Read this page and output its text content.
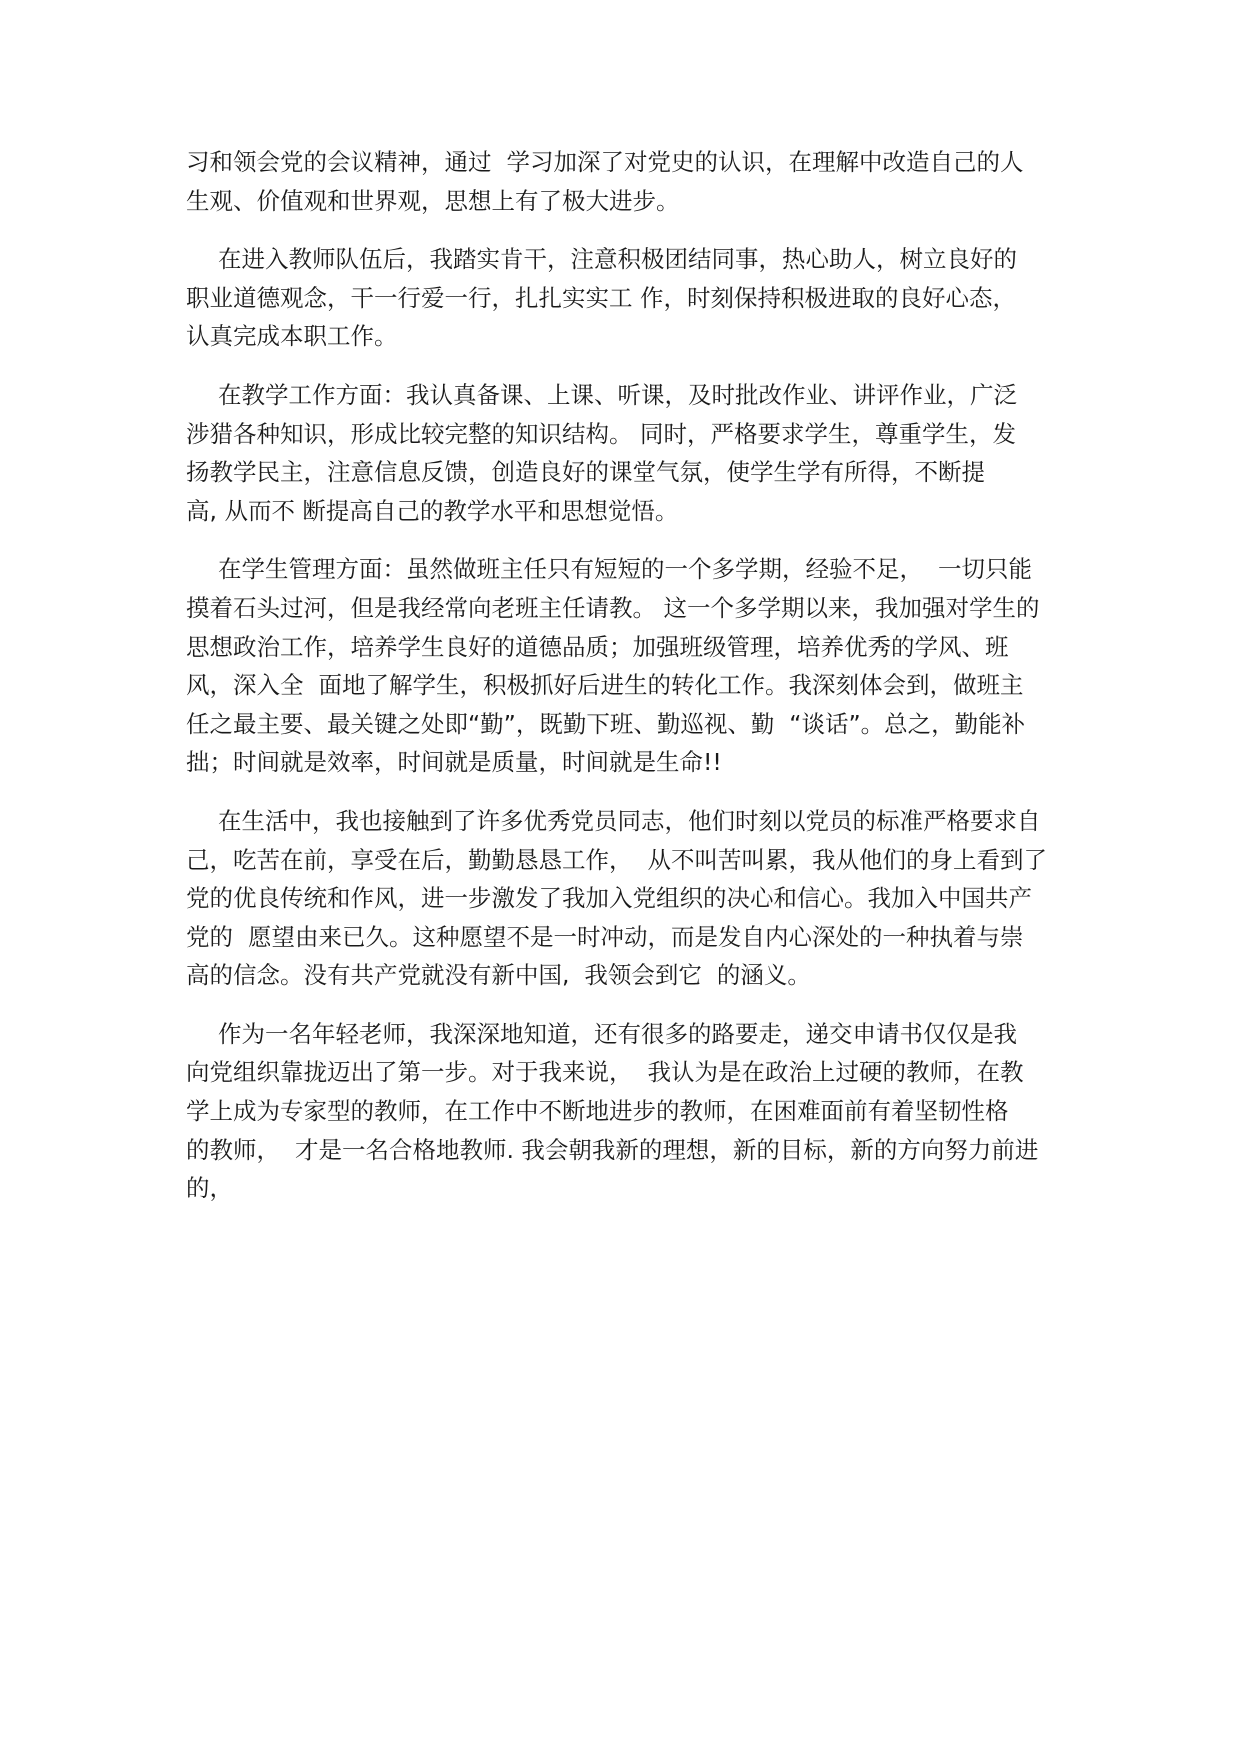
习和领会党的会议精神，通过  学习加深了对党史的认识，在理解中改造自己的人
生观、价值观和世界观，思想上有了极大进步。
在进入教师队伍后，我踏实肯干，注意积极团结同事，热心助人，树立良好的
职业道德观念，干一行爱一行，扎扎实实工 作，时刻保持积极进取的良好心态，
认真完成本职工作。
在教学工作方面：我认真备课、上课、听课，及时批改作业、讲评作业，广泛
涉猎各种知识，形成比较完整的知识结构。 同时，严格要求学生，尊重学生，发
扬教学民主，注意信息反馈，创造良好的课堂气氛，使学生学有所得，不断提
高, 从而不 断提高自己的教学水平和思想觉悟。
在学生管理方面：虽然做班主任只有短短的一个多学期，经验不足，  一切只能
摸着石头过河，但是我经常向老班主任请教。 这一个多学期以来，我加强对学生的
思想政治工作，培养学生良好的道德品质；加强班级管理，培养优秀的学风、班
风，深入全  面地了解学生，积极抓好后进生的转化工作。我深刻体会到，做班主
任之最主要、最关键之处即“勤”，既勤下班、勤巡视、勤  “谈话”。总之，勤能补
拙；时间就是效率，时间就是质量，时间就是生命!!
在生活中，我也接触到了许多优秀党员同志，他们时刻以党员的标准严格要求自
己，吃苦在前，享受在后，勤勤恳恳工作，  从不叫苦叫累，我从他们的身上看到了
党的优良传统和作风，进一步激发了我加入党组织的决心和信心。我加入中国共产
党的  愿望由来已久。这种愿望不是一时冲动，而是发自内心深处的一种执着与崇
高的信念。没有共产党就没有新中国,  我领会到它  的涵义。
作为一名年轻老师，我深深地知道，还有很多的路要走，递交申请书仅仅是我
向党组织靠拢迈出了第一步。对于我来说，  我认为是在政治上过硬的教师，在教
学上成为专家型的教师，在工作中不断地进步的教师，在困难面前有着坚韧性格
的教师，  才是一名合格地教师. 我会朝我新的理想，新的目标，新的方向努力前进
的，
